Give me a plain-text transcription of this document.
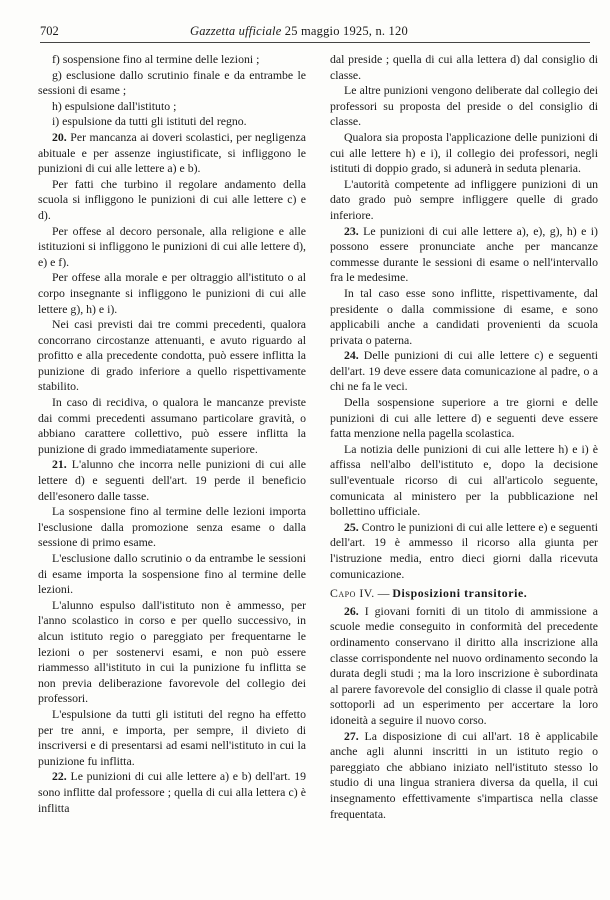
702	Gazzetta ufficiale 25 maggio 1925, n. 120

f) sospensione fino al termine delle lezioni ;

g) esclusione dallo scrutinio finale e da entrambe le sessioni di esame ;

h) espulsione dall'istituto ;

i) espulsione da tutti gli istituti del regno.

20. Per mancanza ai doveri scolastici, per negligenza abituale e per assenze ingiustificate, si infliggono le punizioni di cui alle lettere a) e b).

Per fatti che turbino il regolare andamento della scuola si infliggono le punizioni di cui alle lettere c) e d).

Per offese al decoro personale, alla religione e alle istituzioni si infliggono le punizioni di cui alle lettere d), e) e f).

Per offese alla morale e per oltraggio all'istituto o al corpo insegnante si infliggono le punizioni di cui alle lettere g), h) e i).

Nei casi previsti dai tre commi precedenti, qualora concorrano circostanze attenuanti, e avuto riguardo al profitto e alla precedente condotta, può essere inflitta la punizione di grado inferiore a quello rispettivamente stabilito.

In caso di recidiva, o qualora le mancanze previste dai commi precedenti assumano particolare gravità, o abbiano carattere collettivo, può essere inflitta la punizione di grado immediatamente superiore.

21. L'alunno che incorra nelle punizioni di cui alle lettere d) e seguenti dell'art. 19 perde il beneficio dell'esonero dalle tasse.

La sospensione fino al termine delle lezioni importa l'esclusione dalla promozione senza esame o dalla sessione di primo esame.

L'esclusione dallo scrutinio o da entrambe le sessioni di esame importa la sospensione fino al termine delle lezioni.

L'alunno espulso dall'istituto non è ammesso, per l'anno scolastico in corso e per quello successivo, in alcun istituto regio o pareggiato per frequentarne le lezioni o per sostenervi esami, e non può essere riammesso all'istituto in cui la punizione fu inflitta se non previa deliberazione favorevole del collegio dei professori.

L'espulsione da tutti gli istituti del regno ha effetto per tre anni, e importa, per sempre, il divieto di inscriversi e di presentarsi ad esami nell'istituto in cui la punizione fu inflitta.

22. Le punizioni di cui alle lettere a) e b) dell'art. 19 sono inflitte dal professore ; quella di cui alla lettera c) è inflitta

dal preside ; quella di cui alla lettera d) dal consiglio di classe.

Le altre punizioni vengono deliberate dal collegio dei professori su proposta del preside o del consiglio di classe.

Qualora sia proposta l'applicazione delle punizioni di cui alle lettere h) e i), il collegio dei professori, negli istituti di doppio grado, si adunerà in seduta plenaria.

L'autorità competente ad infliggere punizioni di un dato grado può sempre infliggere quelle di grado inferiore.

23. Le punizioni di cui alle lettere a), e), g), h) e i) possono essere pronunciate anche per mancanze commesse durante le sessioni di esame o nell'intervallo fra le medesime.

In tal caso esse sono inflitte, rispettivamente, dal presidente o dalla commissione di esame, e sono applicabili anche a candidati provenienti da scuola privata o paterna.

24. Delle punizioni di cui alle lettere c) e seguenti dell'art. 19 deve essere data comunicazione al padre, o a chi ne fa le veci.

Della sospensione superiore a tre giorni e delle punizioni di cui alle lettere d) e seguenti deve essere fatta menzione nella pagella scolastica.

La notizia delle punizioni di cui alle lettere h) e i) è affissa nell'albo dell'istituto e, dopo la decisione sull'eventuale ricorso di cui all'articolo seguente, comunicata al ministero per la pubblicazione nel bollettino ufficiale.

25. Contro le punizioni di cui alle lettere e) e seguenti dell'art. 19 è ammesso il ricorso alla giunta per l'istruzione media, entro dieci giorni dalla ricevuta comunicazione.

Capo IV. — Disposizioni transitorie.

26. I giovani forniti di un titolo di ammissione a scuole medie conseguito in conformità del precedente ordinamento conservano il diritto alla inscrizione alla classe corrispondente nel nuovo ordinamento secondo la durata degli studi ; ma la loro inscrizione è subordinata al parere favorevole del consiglio di classe il quale potrà sottoporli ad un esperimento per accertare la loro idoneità a seguire il nuovo corso.

27. La disposizione di cui all'art. 18 è applicabile anche agli alunni inscritti in un istituto regio o pareggiato che abbiano iniziato nell'istituto stesso lo studio di una lingua straniera diversa da quella, il cui insegnamento effettivamente s'impartisca nella classe frequentata.
